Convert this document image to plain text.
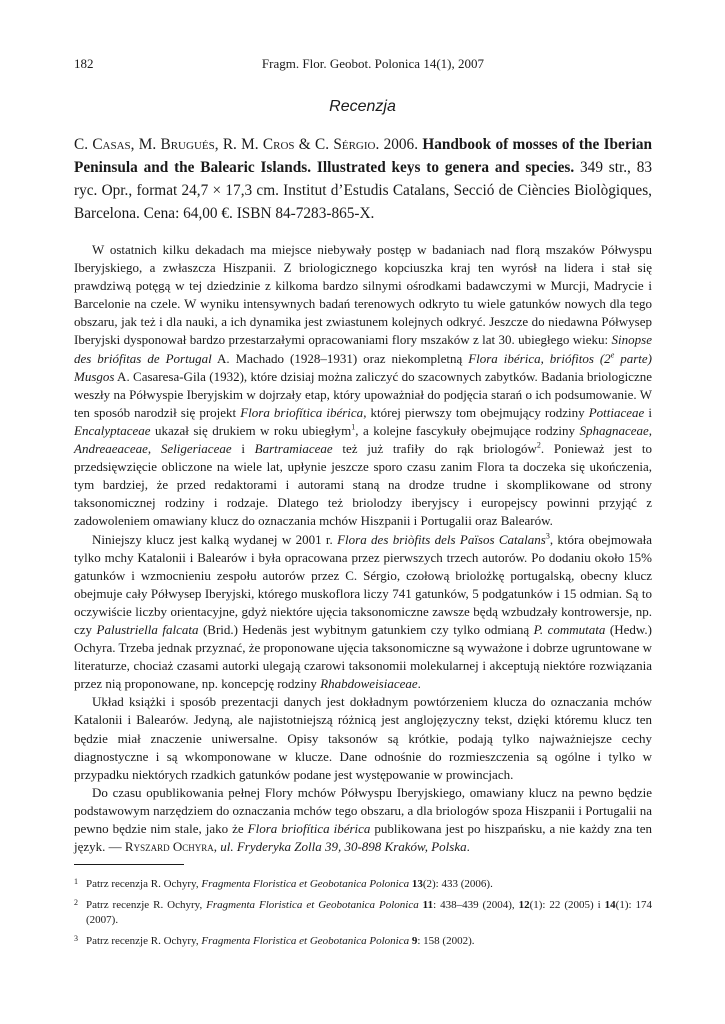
182	Fragm. Flor. Geobot. Polonica 14(1), 2007
Recenzja
C. Casas, M. Brugués, R. M. Cros & C. Sérgio. 2006. Handbook of mosses of the Iberian Peninsula and the Balearic Islands. Illustrated keys to genera and species. 349 str., 83 ryc. Opr., format 24,7 × 17,3 cm. Institut d’Estudis Catalans, Secció de Ciències Biològiques, Barcelona. Cena: 64,00 €. ISBN 84-7283-865-X.

W ostatnich kilku dekadach ma miejsce niebywały postęp w badaniach nad florą mszaków Półwyspu Iberyjskiego, a zwłaszcza Hiszpanii. Z briologicznego kopciuszka kraj ten wyrósł na lidera i stał się prawdziwą potęgą w tej dziedzinie z kilkoma bardzo silnymi ośrodkami badawczymi w Murcji, Madrycie i Barcelonie na czele. W wyniku intensywnych badań terenowych odkryto tu wiele gatunków nowych dla tego obszaru, jak też i dla nauki, a ich dynamika jest zwiastunem kolejnych odkryć. Jeszcze do niedawna Półwysep Iberyjski dysponował bardzo przestarzałymi opracowaniami flory mszaków z lat 30. ubiegłego wieku: Sinopse des briófitas de Portugal A. Machado (1928–1931) oraz niekompletną Flora ibérica, briófitos (2e parte) Musgos A. Casaresa-Gila (1932), które dzisiaj można zaliczyć do szacownych zabytków. Badania briologiczne weszły na Półwyspie Iberyjskim w dojrzały etap, który upoważniał do podjęcia starań o ich podsumowanie. W ten sposób narodził się projekt Flora briofítica ibérica, której pierwszy tom obejmujący rodziny Pottiaceae i Encalyptaceae ukazał się drukiem w roku ubiegłym$^1$, a kolejne fascykuły obejmujące rodziny Sphagnaceae, Andreaeaceae, Seligeriaceae i Bartramiaceae też już trafiły do rąk briologów$^2$. Ponieważ jest to przedsięwzięcie obliczone na wiele lat, upłynie jeszcze sporo czasu zanim Flora ta doczeka się ukończenia, tym bardziej, że przed redaktorami i autorami staną na drodze trudne i skomplikowane od strony taksonomicznej rodziny i rodzaje. Dlatego też briolodzy iberyjscy i europejscy powinni przyjąć z zadowoleniem omawiany klucz do oznaczania mchów Hiszpanii i Portugalii oraz Balearów.

Niniejszy klucz jest kalką wydanej w 2001 r. Flora des briòfits dels Països Catalans$^3$, która obejmowała tylko mchy Katalonii i Balearów i była opracowana przez pierwszych trzech autorów. Po dodaniu około 15% gatunków i wzmocnieniu zespołu autorów przez C. Sérgio, czołową briolożkę portugalską, obecny klucz obejmuje cały Półwysep Iberyjski, którego muskoflora liczy 741 gatunków, 5 podgatunków i 15 odmian. Są to oczywiście liczby orientacyjne, gdyż niektóre ujęcia taksonomiczne zawsze będą wzbudzały kontrowersje, np. czy Palustriella falcata (Brid.) Hedenäs jest wybitnym gatunkiem czy tylko odmianą P. commutata (Hedw.) Ochyra. Trzeba jednak przyznać, że proponowane ujęcia taksonomiczne są wyważone i dobrze ugruntowane w literaturze, chociaż czasami autorki ulegają czarowi taksonomii molekularnej i akceptują niektóre rozwiązania przez nią proponowane, np. koncepcję rodziny Rhabdoweisiaceae.

Układ książki i sposób prezentacji danych jest dokładnym powtórzeniem klucza do oznaczania mchów Katalonii i Balearów. Jedyną, ale najistotniejszą różnicą jest anglojęzyczny tekst, dzięki któremu klucz ten będzie miał znaczenie uniwersalne. Opisy taksonów są krótkie, podają tylko najważniejsze cechy diagnostyczne i są wkomponowane w klucze. Dane odnośnie do rozmieszczenia są ogólne i tylko w przypadku niektórych rzadkich gatunków podane jest występowanie w prowincjach.

Do czasu opublikowania pełnej Flory mchów Półwyspu Iberyjskiego, omawiany klucz na pewno będzie podstawowym narzędziem do oznaczania mchów tego obszaru, a dla briologów spoza Hiszpanii i Portugalii na pewno będzie nim stale, jako że Flora briofítica ibérica publikowana jest po hiszpańsku, a nie każdy zna ten język. — Ryszard Ochyra, ul. Fryderyka Zolla 39, 30-898 Kraków, Polska.

1 Patrz recenzja R. Ochyry, Fragmenta Floristica et Geobotanica Polonica 13(2): 433 (2006).
2 Patrz recenzje R. Ochyry, Fragmenta Floristica et Geobotanica Polonica 11: 438–439 (2004), 12(1): 22 (2005) i 14(1): 174 (2007).
3 Patrz recenzje R. Ochyry, Fragmenta Floristica et Geobotanica Polonica 9: 158 (2002).
